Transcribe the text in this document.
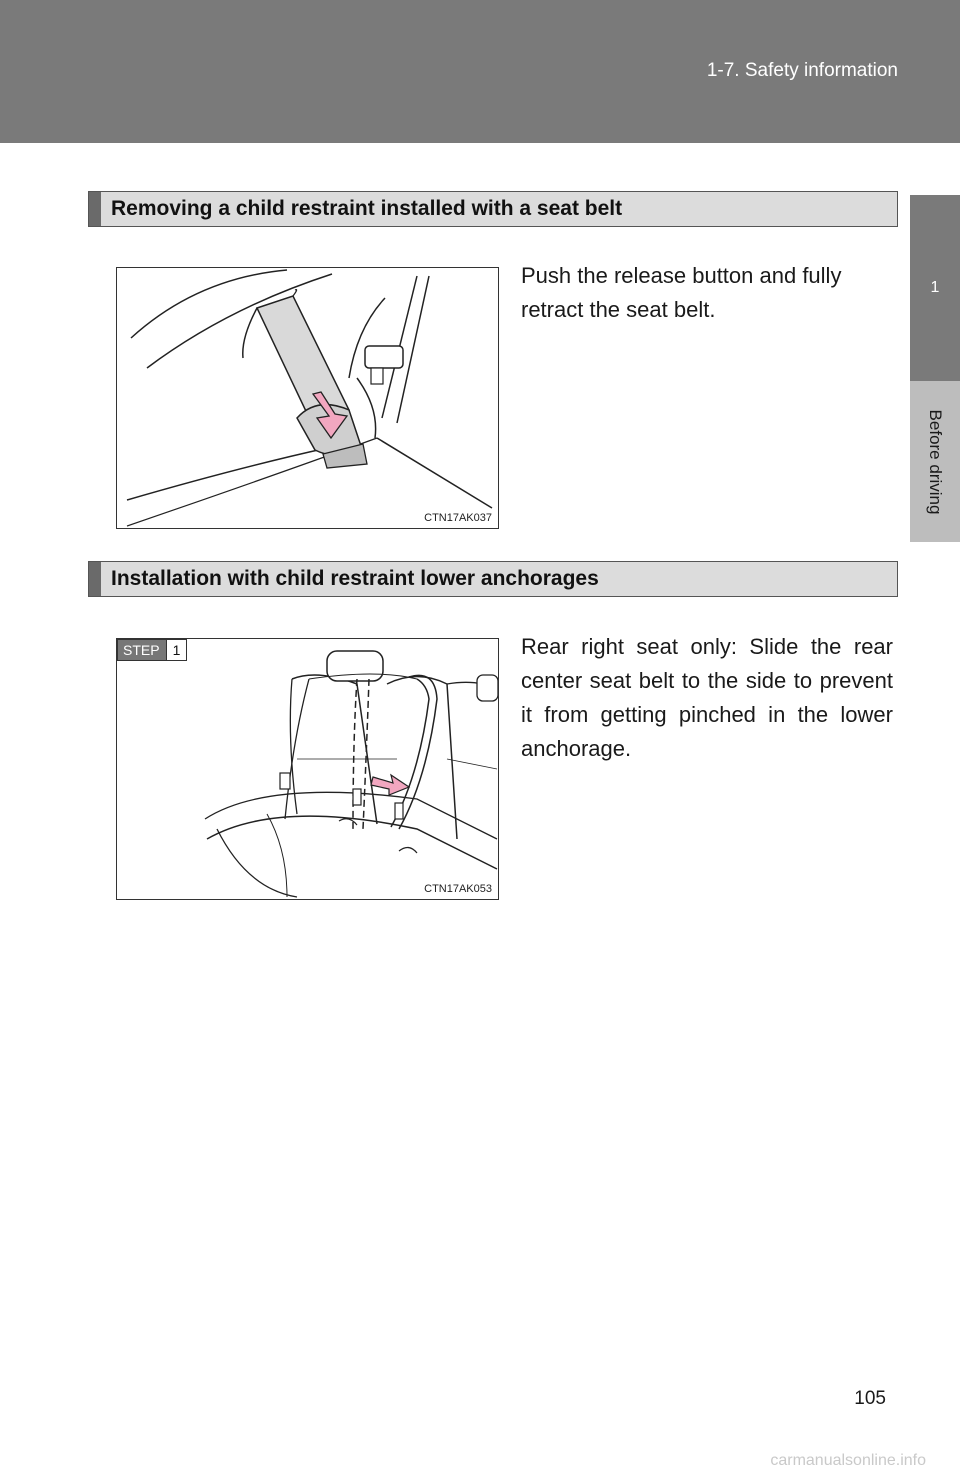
1-7. Safety information
1
Before driving
Removing a child restraint installed with a seat belt
CTN17AK037
Push the release button and fully retract the seat belt.
Installation with child restraint lower anchorages
STEP 1
CTN17AK053
Rear right seat only: Slide the rear center seat belt to the side to prevent it from getting pinched in the lower anchorage.
105
carmanualsonline.info
